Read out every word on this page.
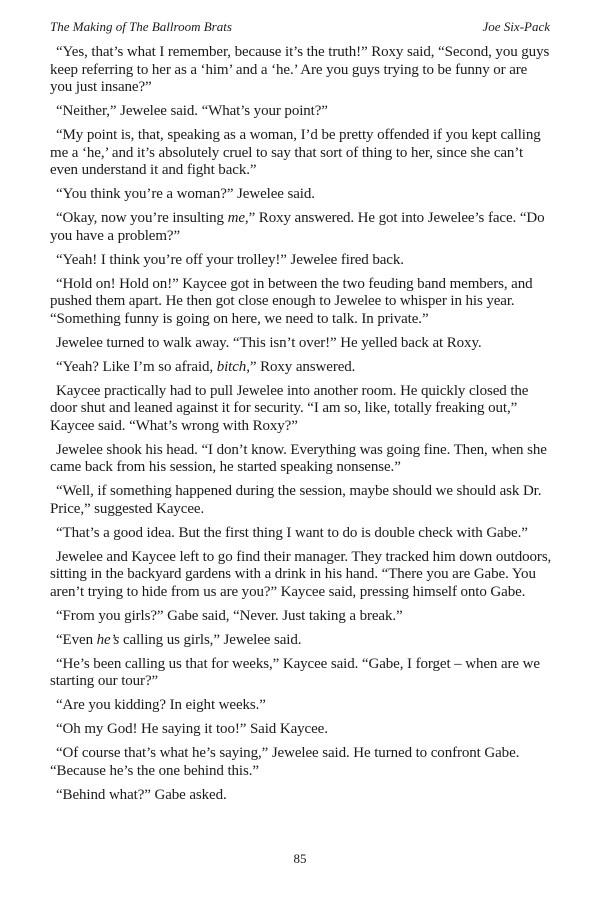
The Making of The Ballroom Brats	Joe Six-Pack

“Yes, that’s what I remember, because it’s the truth!” Roxy said, “Second, you guys keep referring to her as a ‘him’ and a ‘he.’ Are you guys trying to be funny or are you just insane?”

“Neither,” Jewelee said. “What’s your point?”

“My point is, that, speaking as a woman, I’d be pretty offended if you kept calling me a ‘he,’ and it’s absolutely cruel to say that sort of thing to her, since she can’t even understand it and fight back.”

“You think you’re a woman?” Jewelee said.

“Okay, now you’re insulting me,” Roxy answered. He got into Jewelee’s face. “Do you have a problem?”

“Yeah! I think you’re off your trolley!” Jewelee fired back.

“Hold on! Hold on!” Kaycee got in between the two feuding band members, and pushed them apart. He then got close enough to Jewelee to whisper in his year. “Something funny is going on here, we need to talk. In private.”

Jewelee turned to walk away. “This isn’t over!” He yelled back at Roxy.

“Yeah? Like I’m so afraid, bitch,” Roxy answered.

Kaycee practically had to pull Jewelee into another room. He quickly closed the door shut and leaned against it for security. “I am so, like, totally freaking out,” Kaycee said. “What’s wrong with Roxy?”

Jewelee shook his head. “I don’t know. Everything was going fine. Then, when she came back from his session, he started speaking nonsense.”

“Well, if something happened during the session, maybe should we should ask Dr. Price,” suggested Kaycee.

“That’s a good idea. But the first thing I want to do is double check with Gabe.”

Jewelee and Kaycee left to go find their manager. They tracked him down outdoors, sitting in the backyard gardens with a drink in his hand. “There you are Gabe. You aren’t trying to hide from us are you?” Kaycee said, pressing himself onto Gabe.

“From you girls?” Gabe said, “Never. Just taking a break.”

“Even he’s calling us girls,” Jewelee said.

“He’s been calling us that for weeks,” Kaycee said. “Gabe, I forget – when are we starting our tour?”

“Are you kidding? In eight weeks.”

“Oh my God! He saying it too!” Said Kaycee.

“Of course that’s what he’s saying,” Jewelee said. He turned to confront Gabe. “Because he’s the one behind this.”

“Behind what?” Gabe asked.

85
